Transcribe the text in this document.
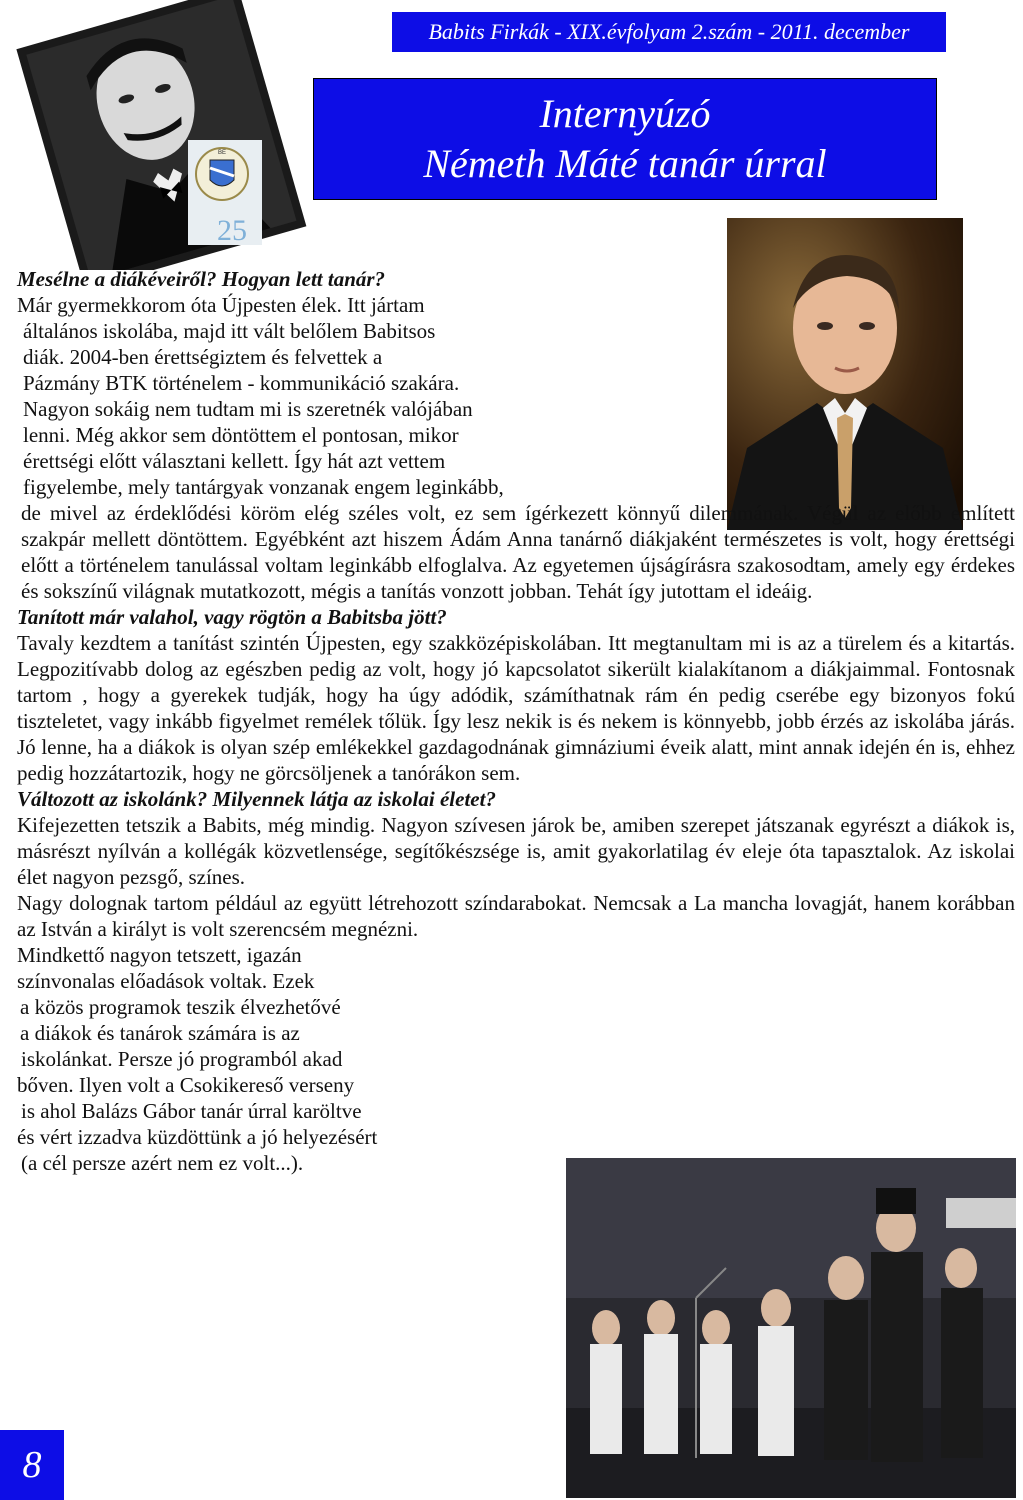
Babits Firkák - XIX.évfolyam 2.szám - 2011. december
BE
25
Internyúzó
Németh Máté tanár úrral

Mesélne a diákéveiről? Hogyan lett tanár?

Már gyermekkorom óta Újpesten élek. Itt jártam
általános iskolába, majd itt vált belőlem Babitsos
diák. 2004-ben érettségiztem és felvettek a
Pázmány BTK történelem - kommunikáció szakára.
Nagyon sokáig nem tudtam mi is szeretnék valójában
lenni. Még akkor sem döntöttem el pontosan, mikor
érettségi előtt választani kellett. Így hát azt vettem
figyelembe, mely tantárgyak vonzanak engem leginkább,

de mivel az érdeklődési köröm elég széles volt, ez sem ígérkezett könnyű dilemmának. Végül az előbb említett szakpár mellett döntöttem. Egyébként azt hiszem Ádám Anna tanárnő diákjaként természetes is volt, hogy érettségi előtt a történelem tanulással voltam leginkább elfoglalva. Az egyetemen újságírásra szakosodtam, amely egy érdekes és sokszínű világnak mutatkozott, mégis a tanítás vonzott jobban. Tehát így jutottam el ideáig.

Tanított már valahol, vagy rögtön a Babitsba jött?

Tavaly kezdtem a tanítást szintén Újpesten, egy szakközépiskolában. Itt megtanultam mi is az a türelem és a kitartás. Legpozitívabb dolog az egészben pedig az volt, hogy jó kapcsolatot sikerült kialakítanom a diákjaimmal. Fontosnak tartom , hogy a gyerekek tudják, hogy ha úgy adódik, számíthatnak rám én pedig cserébe egy bizonyos fokú tiszteletet, vagy inkább figyelmet remélek tőlük. Így lesz nekik is és nekem is könnyebb, jobb érzés az iskolába járás. Jó lenne, ha a diákok is olyan szép emlékekkel gazdagodnának gimnáziumi éveik alatt, mint annak idején én is, ehhez pedig hozzátartozik, hogy ne görcsöljenek a tanórákon sem.

Változott az iskolánk? Milyennek látja az iskolai életet?

Kifejezetten tetszik a Babits, még mindig. Nagyon szívesen járok be, amiben szerepet játszanak egyrészt a diákok is, másrészt nyílván a kollégák közvetlensége, segítőkészsége is, amit gyakorlatilag év eleje óta tapasztalok. Az iskolai élet nagyon pezsgő, színes.

Nagy dolognak tartom például az együtt létrehozott színdarabokat. Nemcsak a La mancha lovagját, hanem korábban az István a királyt is volt szerencsém megnézni.

Mindkettő nagyon tetszett, igazán
színvonalas előadások voltak. Ezek
a közös programok teszik élvezhetővé
a diákok és tanárok számára is az
iskolánkat. Persze jó programból akad
bőven. Ilyen volt a Csokikereső verseny
is ahol Balázs Gábor tanár úrral karöltve
és vért izzadva küzdöttünk a jó helyezésért
(a cél persze azért nem ez volt...).
8
